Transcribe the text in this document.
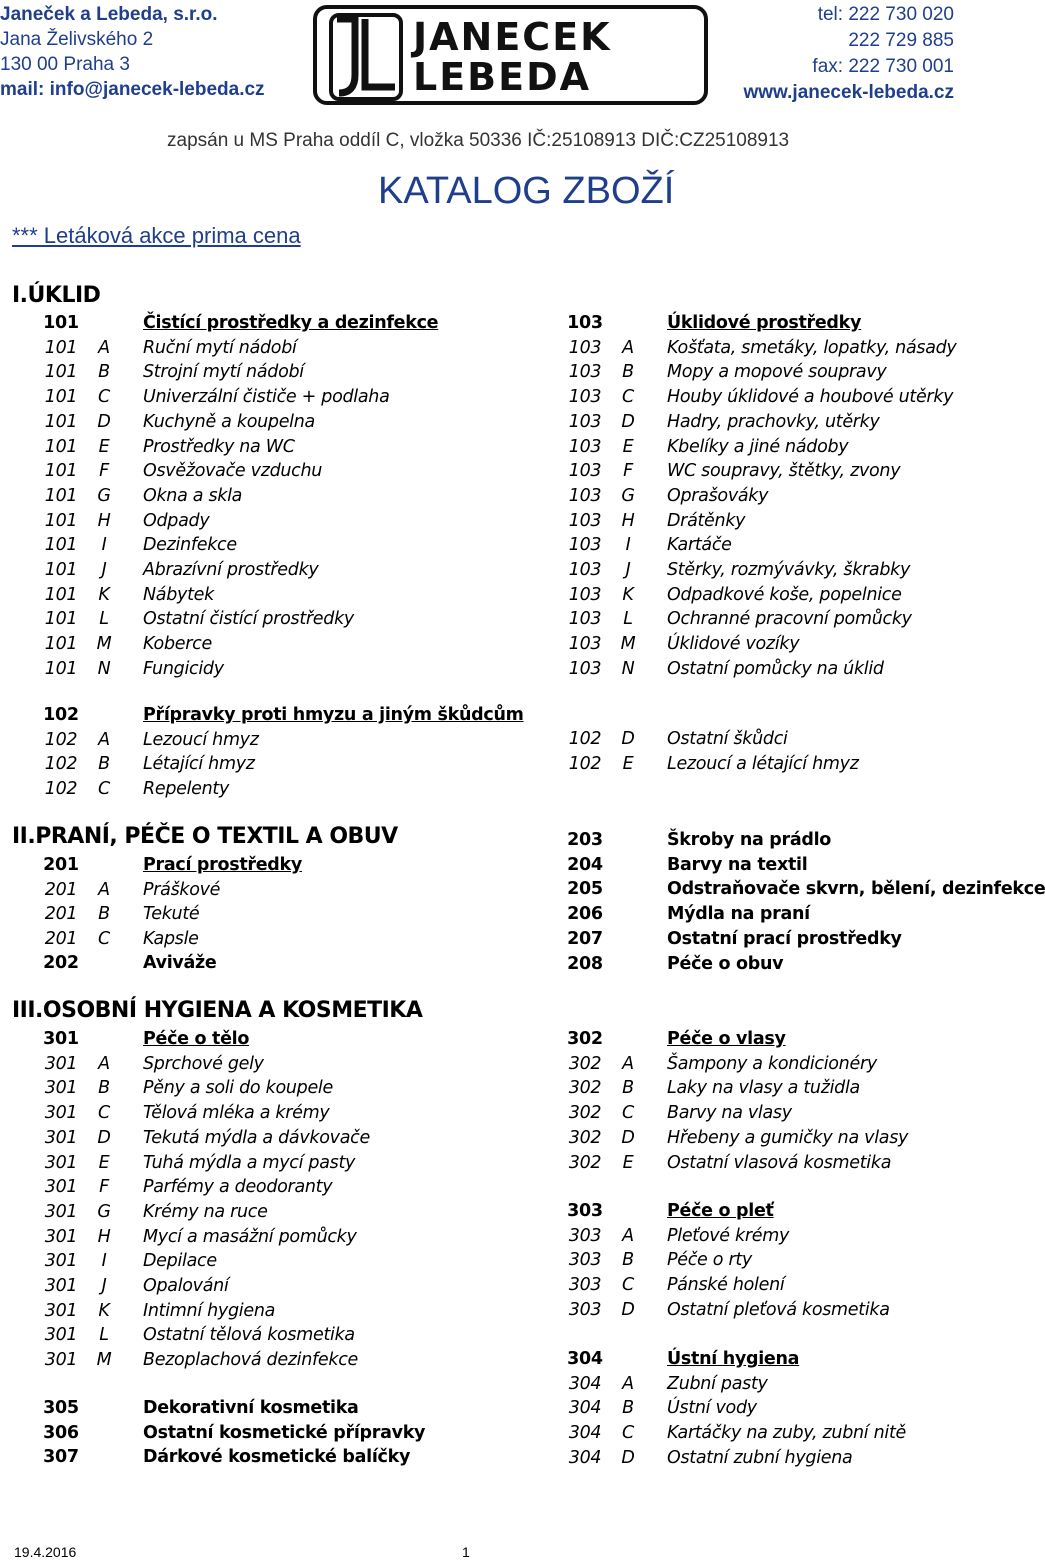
Janeček a Lebeda, s.r.o.
Jana Želivského 2
130 00 Praha 3
mail: info@janecek-lebeda.cz
JANECEK
LEBEDA
tel: 222 730 020
222 729 885
fax: 222 730 001
www.janecek-lebeda.cz
zapsán u MS Praha oddíl C, vložka 50336 IČ:25108913 DIČ:CZ25108913
KATALOG ZBOŽÍ
*** Letáková akce prima cena
I.ÚKLID
II.PRANÍ, PÉČE O TEXTIL A OBUV
III.OSOBNÍ HYGIENA A KOSMETIKA
101	Čistící prostředky a dezinfekce
101	A	Ruční mytí nádobí
101	B	Strojní mytí nádobí
101	C	Univerzální čističe + podlaha
101	D	Kuchyně a koupelna
101	E	Prostředky na WC
101	F	Osvěžovače vzduchu
101	G	Okna a skla
101	H	Odpady
101	I	Dezinfekce
101	J	Abrazívní prostředky
101	K	Nábytek
101	L	Ostatní čistící prostředky
101	M	Koberce
101	N	Fungicidy
103	Úklidové prostředky
103	A	Košťata, smetáky, lopatky, násady
103	B	Mopy a mopové soupravy
103	C	Houby úklidové a houbové utěrky
103	D	Hadry, prachovky, utěrky
103	E	Kbelíky a jiné nádoby
103	F	WC soupravy, štětky, zvony
103	G	Oprašováky
103	H	Drátěnky
103	I	Kartáče
103	J	Stěrky, rozmývávky, škrabky
103	K	Odpadkové koše, popelnice
103	L	Ochranné pracovní pomůcky
103	M	Úklidové vozíky
103	N	Ostatní pomůcky na úklid
102	Přípravky proti hmyzu a jiným škůdcům
102	A	Lezoucí hmyz
102	B	Létající hmyz
102	C	Repelenty
102	D	Ostatní škůdci
102	E	Lezoucí a létající hmyz
201	Prací prostředky
201	A	Práškové
201	B	Tekuté
201	C	Kapsle
202	Aviváže
203	Škroby na prádlo
204	Barvy na textil
205	Odstraňovače skvrn, bělení, dezinfekce
206	Mýdla na praní
207	Ostatní prací prostředky
208	Péče o obuv
301	Péče o tělo
301	A	Sprchové gely
301	B	Pěny a soli do koupele
301	C	Tělová mléka a krémy
301	D	Tekutá mýdla a dávkovače
301	E	Tuhá mýdla a mycí pasty
301	F	Parfémy a deodoranty
301	G	Krémy na ruce
301	H	Mycí a masážní pomůcky
301	I	Depilace
301	J	Opalování
301	K	Intimní hygiena
301	L	Ostatní tělová kosmetika
301	M	Bezoplachová dezinfekce
305	Dekorativní kosmetika
306	Ostatní kosmetické přípravky
307	Dárkové kosmetické balíčky
302	Péče o vlasy
302	A	Šampony a kondicionéry
302	B	Laky na vlasy a tužidla
302	C	Barvy na vlasy
302	D	Hřebeny a gumičky na vlasy
302	E	Ostatní vlasová kosmetika
303	Péče o pleť
303	A	Pleťové krémy
303	B	Péče o rty
303	C	Pánské holení
303	D	Ostatní pleťová kosmetika
304	Ústní hygiena
304	A	Zubní pasty
304	B	Ústní vody
304	C	Kartáčky na zuby, zubní nitě
304	D	Ostatní zubní hygiena
19.4.2016	1
